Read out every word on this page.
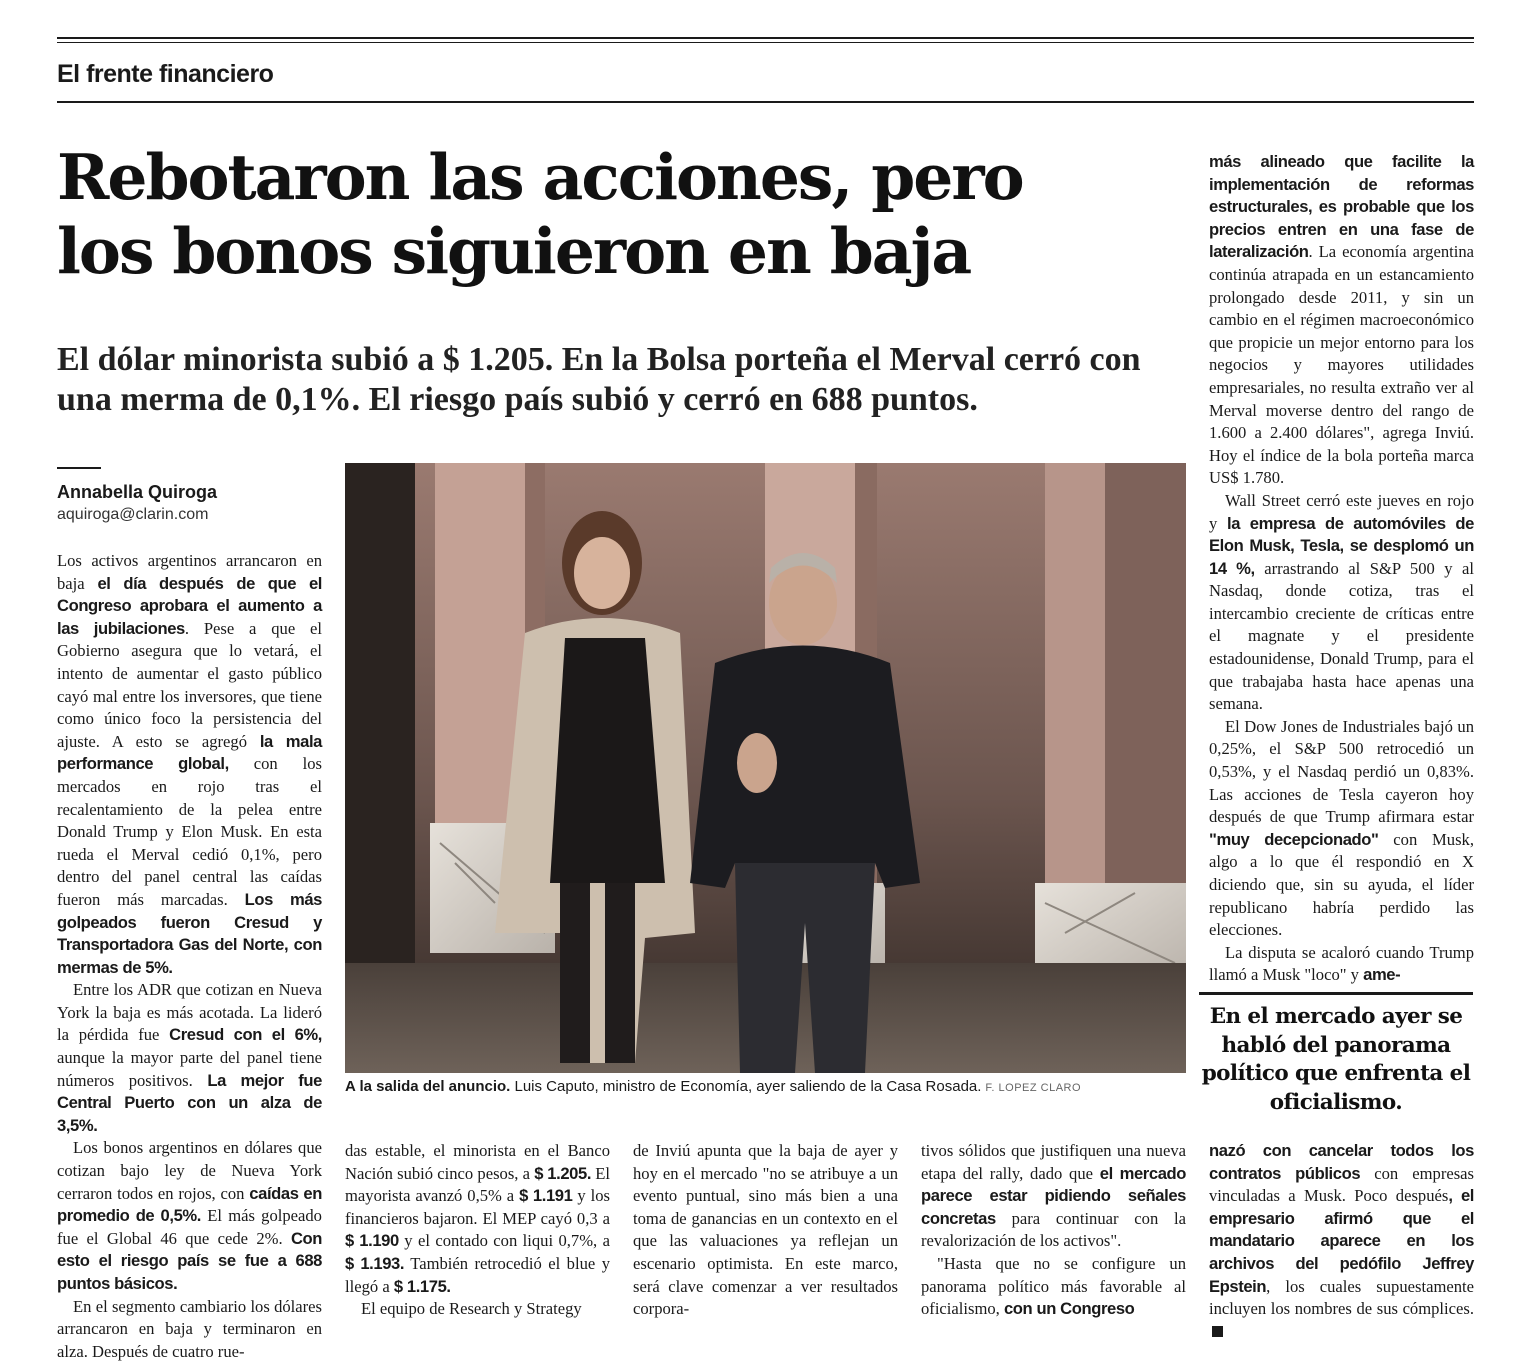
El frente financiero
Rebotaron las acciones, pero
los bonos siguieron en baja
El dólar minorista subió a $ 1.205. En la Bolsa porteña el Merval cerró con
una merma de 0,1%. El riesgo país subió y cerró en 688 puntos.
Annabella Quiroga
aquiroga@clarin.com

Los activos argentinos arrancaron en baja el día después de que el Congreso aprobara el aumento a las jubilaciones. Pese a que el Gobierno asegura que lo vetará, el intento de aumentar el gasto público cayó mal entre los inversores, que tiene como único foco la persistencia del ajuste. A esto se agregó la mala performance global, con los mercados en rojo tras el recalentamiento de la pelea entre Donald Trump y Elon Musk. En esta rueda el Merval cedió 0,1%, pero dentro del panel central las caídas fueron más marcadas. Los más golpeados fueron Cresud y Transportadora Gas del Norte, con mermas de 5%.

Entre los ADR que cotizan en Nueva York la baja es más acotada. La lideró la pérdida fue Cresud con el 6%, aunque la mayor parte del panel tiene números positivos. La mejor fue Central Puerto con un alza de 3,5%.

Los bonos argentinos en dólares que cotizan bajo ley de Nueva York cerraron todos en rojos, con caídas en promedio de 0,5%. El más golpeado fue el Global 46 que cede 2%. Con esto el riesgo país se fue a 688 puntos básicos.

En el segmento cambiario los dólares arrancaron en baja y terminaron en alza. Después de cuatro rue-

A la salida del anuncio. Luis Caputo, ministro de Economía, ayer saliendo de la Casa Rosada. F. LOPEZ CLARO

das estable, el minorista en el Banco Nación subió cinco pesos, a $ 1.205. El mayorista avanzó 0,5% a $ 1.191 y los financieros bajaron. El MEP cayó 0,3 a $ 1.190 y el contado con liqui 0,7%, a $ 1.193. También retrocedió el blue y llegó a $ 1.175.

El equipo de Research y Strategy

de Inviú apunta que la baja de ayer y hoy en el mercado "no se atribuye a un evento puntual, sino más bien a una toma de ganancias en un contexto en el que las valuaciones ya reflejan un escenario optimista. En este marco, será clave comenzar a ver resultados corpora-

tivos sólidos que justifiquen una nueva etapa del rally, dado que el mercado parece estar pidiendo señales concretas para continuar con la revalorización de los activos".

"Hasta que no se configure un panorama político más favorable al oficialismo, con un Congreso

más alineado que facilite la implementación de reformas estructurales, es probable que los precios entren en una fase de lateralización. La economía argentina continúa atrapada en un estancamiento prolongado desde 2011, y sin un cambio en el régimen macroeconómico que propicie un mejor entorno para los negocios y mayores utilidades empresariales, no resulta extraño ver al Merval moverse dentro del rango de 1.600 a 2.400 dólares", agrega Inviú. Hoy el índice de la bola porteña marca US$ 1.780.

Wall Street cerró este jueves en rojo y la empresa de automóviles de Elon Musk, Tesla, se desplomó un 14 %, arrastrando al S&P 500 y al Nasdaq, donde cotiza, tras el intercambio creciente de críticas entre el magnate y el presidente estadounidense, Donald Trump, para el que trabajaba hasta hace apenas una semana.

El Dow Jones de Industriales bajó un 0,25%, el S&P 500 retrocedió un 0,53%, y el Nasdaq perdió un 0,83%. Las acciones de Tesla cayeron hoy después de que Trump afirmara estar "muy decepcionado" con Musk, algo a lo que él respondió en X diciendo que, sin su ayuda, el líder republicano habría perdido las elecciones.

La disputa se acaloró cuando Trump llamó a Musk "loco" y ame-

En el mercado ayer se
habló del panorama
político que enfrenta el
oficialismo.

nazó con cancelar todos los contratos públicos con empresas vinculadas a Musk. Poco después, el empresario afirmó que el mandatario aparece en los archivos del pedófilo Jeffrey Epstein, los cuales supuestamente incluyen los nombres de sus cómplices.
